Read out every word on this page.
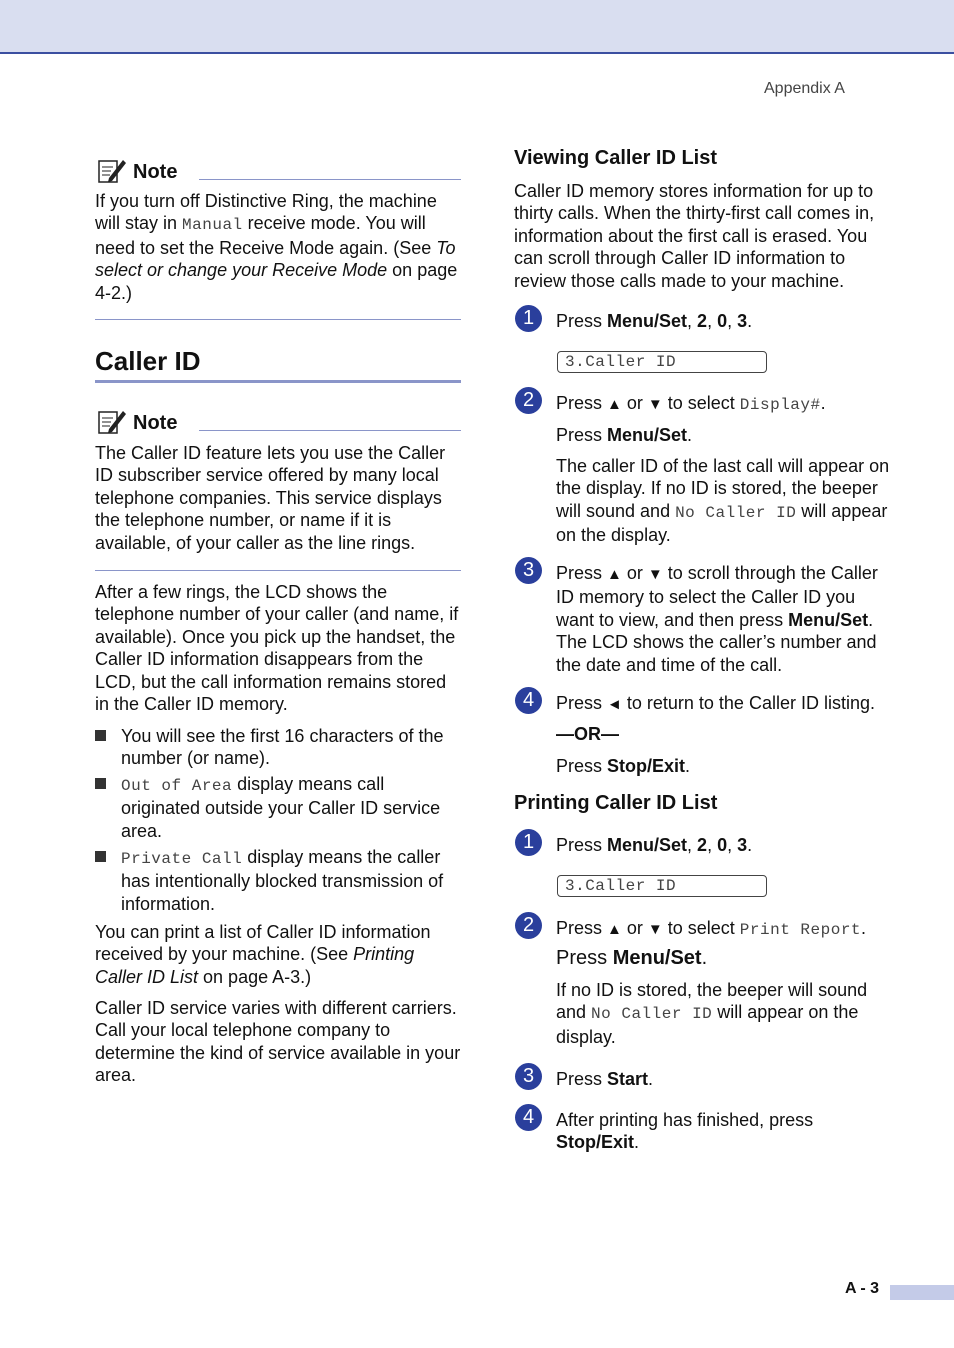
Appendix A
Note

If you turn off Distinctive Ring, the machine will stay in Manual receive mode. You will need to set the Receive Mode again. (See To select or change your Receive Mode on page 4-2.)

Caller ID
Note

The Caller ID feature lets you use the Caller ID subscriber service offered by many local telephone companies. This service displays the telephone number, or name if it is available, of your caller as the line rings.

After a few rings, the LCD shows the telephone number of your caller (and name, if available). Once you pick up the handset, the Caller ID information disappears from the LCD, but the call information remains stored in the Caller ID memory.

You will see the first 16 characters of the number (or name).

Out of Area display means call originated outside your Caller ID service area.

Private Call display means the caller has intentionally blocked transmission of information.

You can print a list of Caller ID information received by your machine. (See Printing Caller ID List on page A-3.)

Caller ID service varies with different carriers. Call your local telephone company to determine the kind of service available in your area.

Viewing Caller ID List

Caller ID memory stores information for up to thirty calls. When the thirty-first call comes in, information about the first call is erased. You can scroll through Caller ID information to review those calls made to your machine.

1	Press Menu/Set, 2, 0, 3.

3.Caller ID
2	Press ▲ or ▼ to select Display#.

Press Menu/Set.

The caller ID of the last call will appear on the display. If no ID is stored, the beeper will sound and No Caller ID will appear on the display.

3	Press ▲ or ▼ to scroll through the Caller ID memory to select the Caller ID you want to view, and then press Menu/Set. The LCD shows the caller’s number and the date and time of the call.

4	Press ◄ to return to the Caller ID listing.

—OR—

Press Stop/Exit.

Printing Caller ID List
1	Press Menu/Set, 2, 0, 3.

3.Caller ID
2	Press ▲ or ▼ to select Print Report.

Press Menu/Set.

If no ID is stored, the beeper will sound and No Caller ID will appear on the display.

3	Press Start.

4	After printing has finished, press
Stop/Exit.

A - 3
